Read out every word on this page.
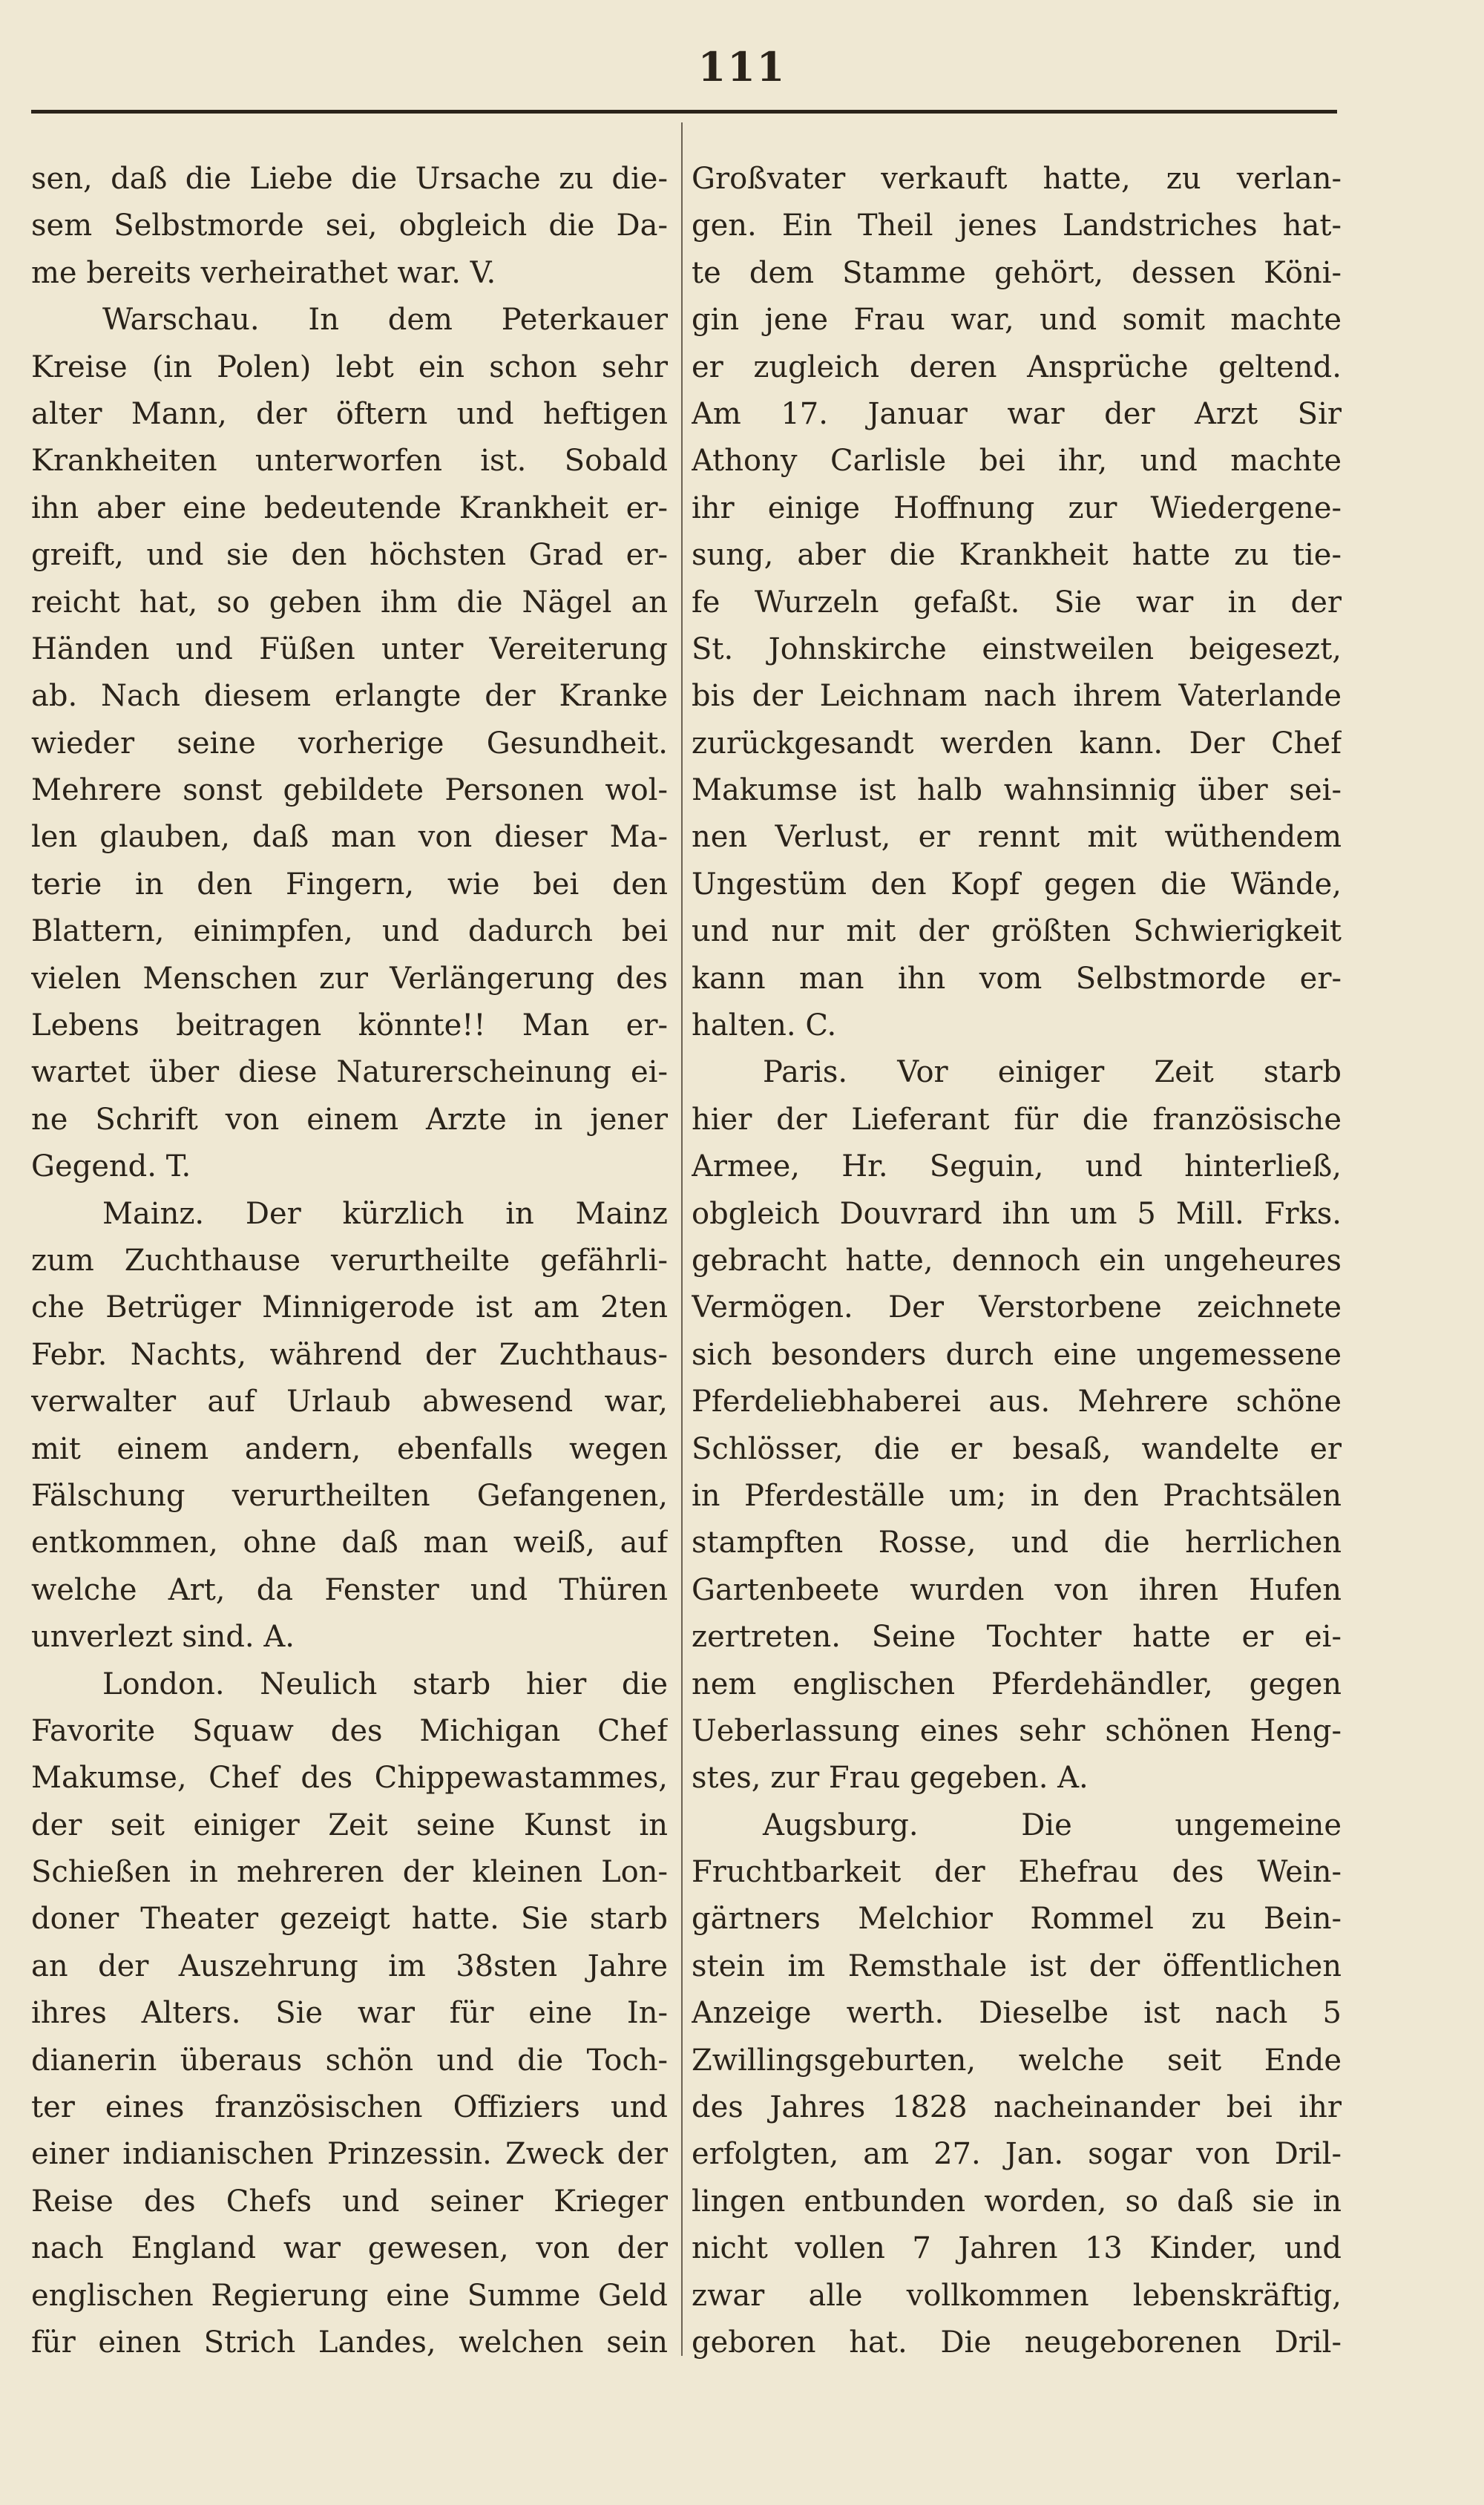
111
sen, daß die Liebe die Ursache zu die-
sem Selbstmorde sei, obgleich die Da-
me bereits verheirathet war. V.
Warschau. In dem Peterkauer
Kreise (in Polen) lebt ein schon sehr
alter Mann, der öftern und heftigen
Krankheiten unterworfen ist. Sobald
ihn aber eine bedeutende Krankheit er-
greift, und sie den höchsten Grad er-
reicht hat, so geben ihm die Nägel an
Händen und Füßen unter Vereiterung
ab. Nach diesem erlangte der Kranke
wieder seine vorherige Gesundheit.
Mehrere sonst gebildete Personen wol-
len glauben, daß man von dieser Ma-
terie in den Fingern, wie bei den
Blattern, einimpfen, und dadurch bei
vielen Menschen zur Verlängerung des
Lebens beitragen könnte!! Man er-
wartet über diese Naturerscheinung ei-
ne Schrift von einem Arzte in jener
Gegend. T.
Mainz. Der kürzlich in Mainz
zum Zuchthause verurtheilte gefährli-
che Betrüger Minnigerode ist am 2ten
Febr. Nachts, während der Zuchthaus-
verwalter auf Urlaub abwesend war,
mit einem andern, ebenfalls wegen
Fälschung verurtheilten Gefangenen,
entkommen, ohne daß man weiß, auf
welche Art, da Fenster und Thüren
unverlezt sind. A.
London. Neulich starb hier die
Favorite Squaw des Michigan Chef
Makumse, Chef des Chippewastammes,
der seit einiger Zeit seine Kunst in
Schießen in mehreren der kleinen Lon-
doner Theater gezeigt hatte. Sie starb
an der Auszehrung im 38sten Jahre
ihres Alters. Sie war für eine In-
dianerin überaus schön und die Toch-
ter eines französischen Offiziers und
einer indianischen Prinzessin. Zweck der
Reise des Chefs und seiner Krieger
nach England war gewesen, von der
englischen Regierung eine Summe Geld
für einen Strich Landes, welchen sein
Großvater verkauft hatte, zu verlan-
gen. Ein Theil jenes Landstriches hat-
te dem Stamme gehört, dessen Köni-
gin jene Frau war, und somit machte
er zugleich deren Ansprüche geltend.
Am 17. Januar war der Arzt Sir
Athony Carlisle bei ihr, und machte
ihr einige Hoffnung zur Wiedergene-
sung, aber die Krankheit hatte zu tie-
fe Wurzeln gefaßt. Sie war in der
St. Johnskirche einstweilen beigesezt,
bis der Leichnam nach ihrem Vaterlande
zurückgesandt werden kann. Der Chef
Makumse ist halb wahnsinnig über sei-
nen Verlust, er rennt mit wüthendem
Ungestüm den Kopf gegen die Wände,
und nur mit der größten Schwierigkeit
kann man ihn vom Selbstmorde er-
halten. C.
Paris. Vor einiger Zeit starb
hier der Lieferant für die französische
Armee, Hr. Seguin, und hinterließ,
obgleich Douvrard ihn um 5 Mill. Frks.
gebracht hatte, dennoch ein ungeheures
Vermögen. Der Verstorbene zeichnete
sich besonders durch eine ungemessene
Pferdeliebhaberei aus. Mehrere schöne
Schlösser, die er besaß, wandelte er
in Pferdeställe um; in den Prachtsälen
stampften Rosse, und die herrlichen
Gartenbeete wurden von ihren Hufen
zertreten. Seine Tochter hatte er ei-
nem englischen Pferdehändler, gegen
Ueberlassung eines sehr schönen Heng-
stes, zur Frau gegeben. A.
Augsburg. Die ungemeine
Fruchtbarkeit der Ehefrau des Wein-
gärtners Melchior Rommel zu Bein-
stein im Remsthale ist der öffentlichen
Anzeige werth. Dieselbe ist nach 5
Zwillingsgeburten, welche seit Ende
des Jahres 1828 nacheinander bei ihr
erfolgten, am 27. Jan. sogar von Dril-
lingen entbunden worden, so daß sie in
nicht vollen 7 Jahren 13 Kinder, und
zwar alle vollkommen lebenskräftig,
geboren hat. Die neugeborenen Dril-
